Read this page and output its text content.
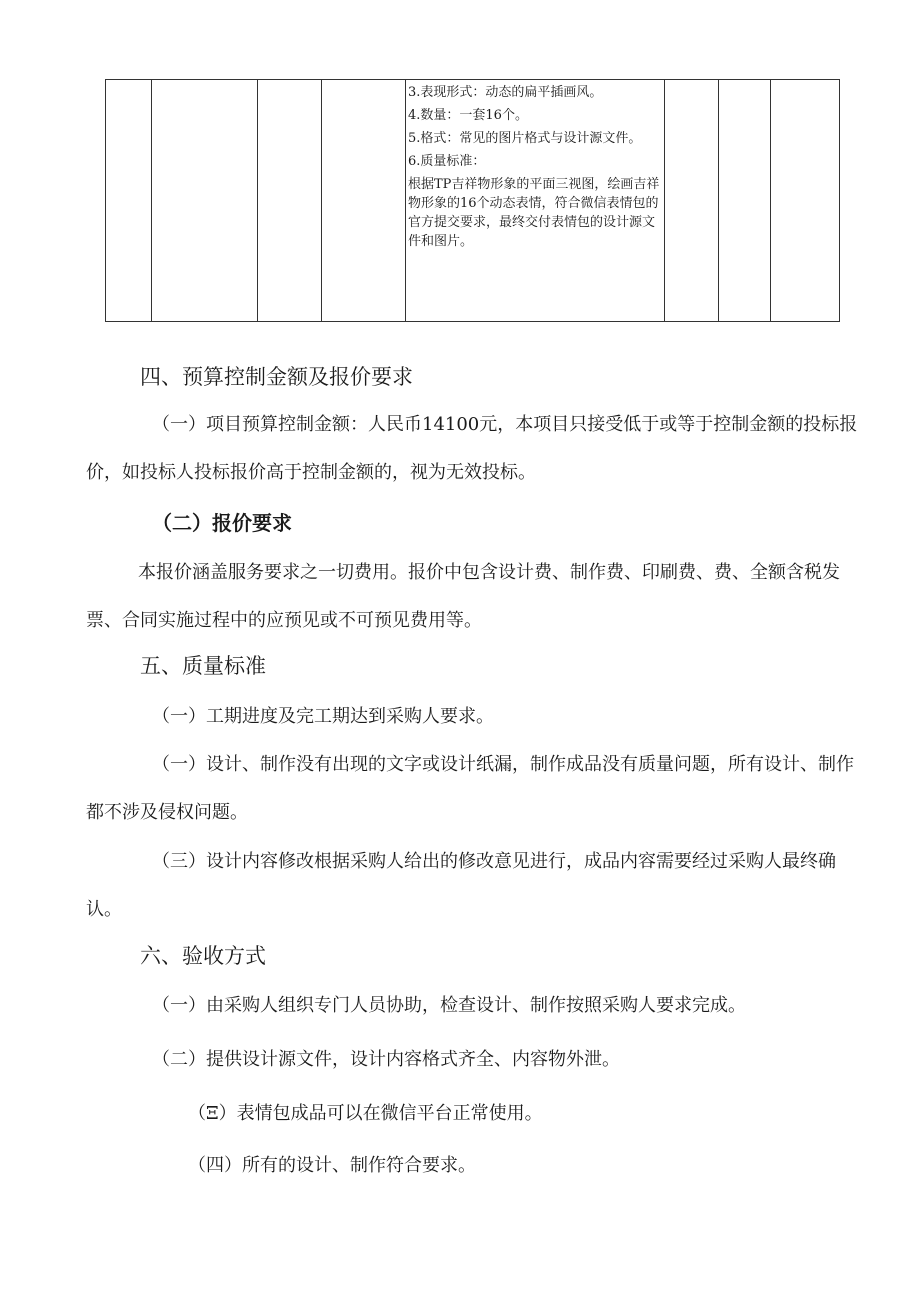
3.表现形式：动态的扁平插画风。

4.数量：一套16个。

5.格式：常见的图片格式与设计源文件。

6.质量标准：

根据TP吉祥物形象的平面三视图，绘画吉祥物形象的16个动态表情，符合微信表情包的官方提交要求，最终交付表情包的设计源文件和图片。

四、预算控制金额及报价要求

（一）项目预算控制金额：人民币14100元，本项目只接受低于或等于控制金额的投标报价，如投标人投标报价高于控制金额的，视为无效投标。

（二）报价要求

本报价涵盖服务要求之一切费用。报价中包含设计费、制作费、印刷费、费、全额含税发票、合同实施过程中的应预见或不可预见费用等。

五、质量标准

（一）工期进度及完工期达到采购人要求。

（一）设计、制作没有出现的文字或设计纸漏，制作成品没有质量问题，所有设计、制作都不涉及侵权问题。

（三）设计内容修改根据采购人给出的修改意见进行，成品内容需要经过采购人最终确认。

六、验收方式

（一）由采购人组织专门人员协助，检查设计、制作按照采购人要求完成。

（二）提供设计源文件，设计内容格式齐全、内容物外泄。

（Ξ）表情包成品可以在微信平台正常使用。

（四）所有的设计、制作符合要求。
